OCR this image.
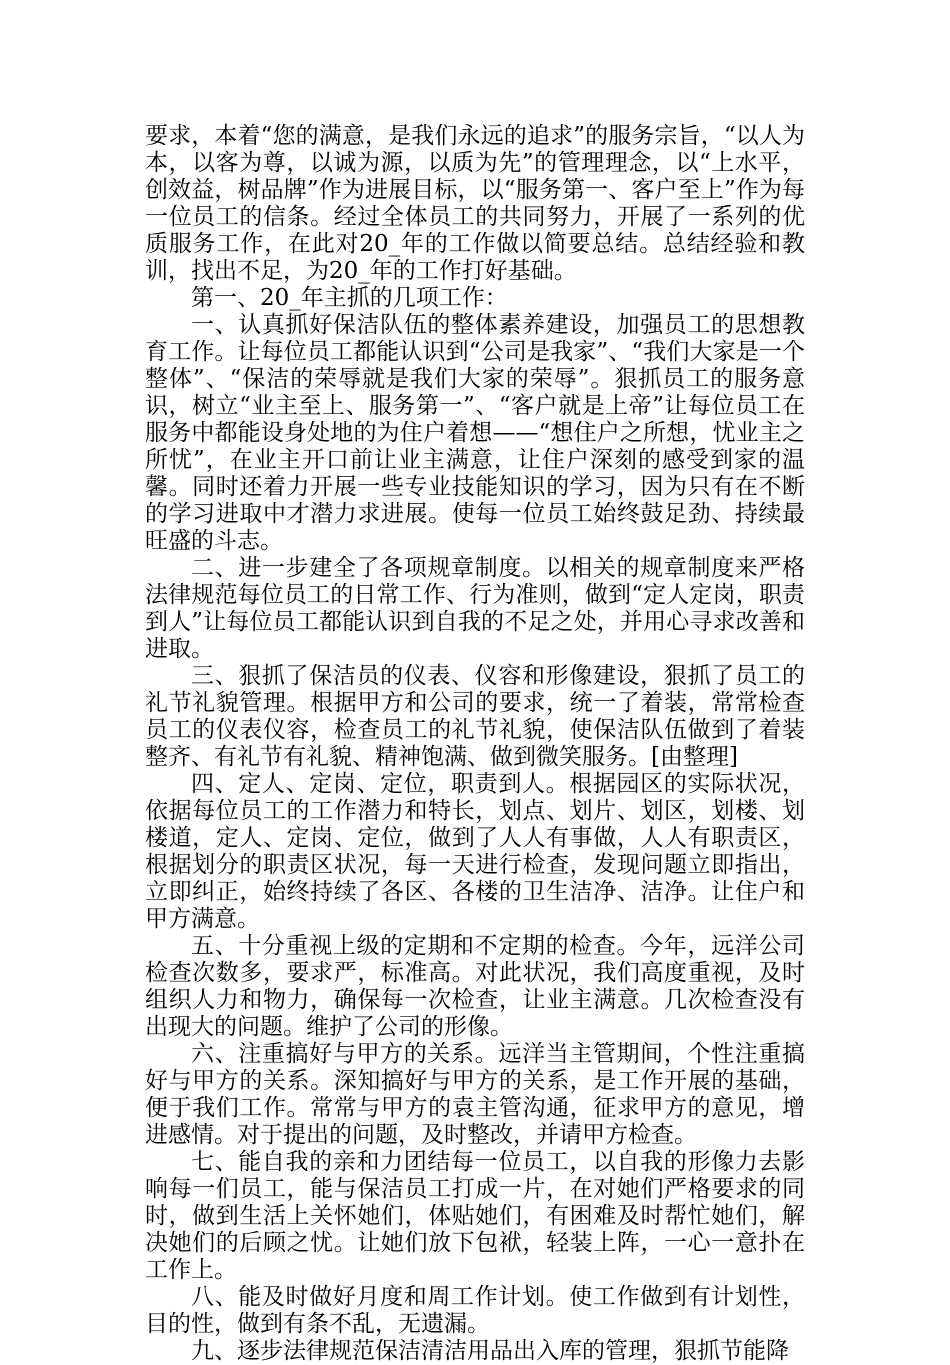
要求，本着“您的满意，是我们永远的追求”的服务宗旨，“以人为本，以客为尊，以诚为源，以质为先”的管理理念，以“上水平，创效益，树品牌”作为进展目标，以“服务第一、客户至上”作为每一位员工的信条。经过全体员工的共同努力，开展了一系列的优质服务工作，在此对20_年的工作做以简要总结。总结经验和教训，找出不足，为20_年的工作打好基础。

第一、20_年主抓的几项工作：

一、认真抓好保洁队伍的整体素养建设，加强员工的思想教育工作。让每位员工都能认识到“公司是我家”、“我们大家是一个整体”、“保洁的荣辱就是我们大家的荣辱”。狠抓员工的服务意识，树立“业主至上、服务第一”、“客户就是上帝”让每位员工在服务中都能设身处地的为住户着想——“想住户之所想，忧业主之所忧”，在业主开口前让业主满意，让住户深刻的感受到家的温馨。同时还着力开展一些专业技能知识的学习，因为只有在不断的学习进取中才潜力求进展。使每一位员工始终鼓足劲、持续最旺盛的斗志。

二、进一步建全了各项规章制度。以相关的规章制度来严格法律规范每位员工的日常工作、行为准则，做到“定人定岗，职责到人”让每位员工都能认识到自我的不足之处，并用心寻求改善和进取。

三、狠抓了保洁员的仪表、仪容和形像建设，狠抓了员工的礼节礼貌管理。根据甲方和公司的要求，统一了着装，常常检查员工的仪表仪容，检查员工的礼节礼貌，使保洁队伍做到了着装整齐、有礼节有礼貌、精神饱满、做到微笑服务。[由整理]

四、定人、定岗、定位，职责到人。根据园区的实际状况，依据每位员工的工作潜力和特长，划点、划片、划区，划楼、划楼道，定人、定岗、定位，做到了人人有事做，人人有职责区，根据划分的职责区状况，每一天进行检查，发现问题立即指出，立即纠正，始终持续了各区、各楼的卫生洁净、洁净。让住户和甲方满意。

五、十分重视上级的定期和不定期的检查。今年，远洋公司检查次数多，要求严，标准高。对此状况，我们高度重视，及时组织人力和物力，确保每一次检查，让业主满意。几次检查没有出现大的问题。维护了公司的形像。

六、注重搞好与甲方的关系。远洋当主管期间，个性注重搞好与甲方的关系。深知搞好与甲方的关系，是工作开展的基础，便于我们工作。常常与甲方的袁主管沟通，征求甲方的意见，增进感情。对于提出的问题，及时整改，并请甲方检查。

七、能自我的亲和力团结每一位员工，以自我的形像力去影响每一们员工，能与保洁员工打成一片，在对她们严格要求的同时，做到生活上关怀她们，体贴她们，有困难及时帮忙她们，解决她们的后顾之忧。让她们放下包袱，轻装上阵，一心一意扑在工作上。

八、能及时做好月度和周工作计划。使工作做到有计划性，目的性，做到有条不乱，无遗漏。

九、逐步法律规范保洁清洁用品出入库的管理，狠抓节能降
